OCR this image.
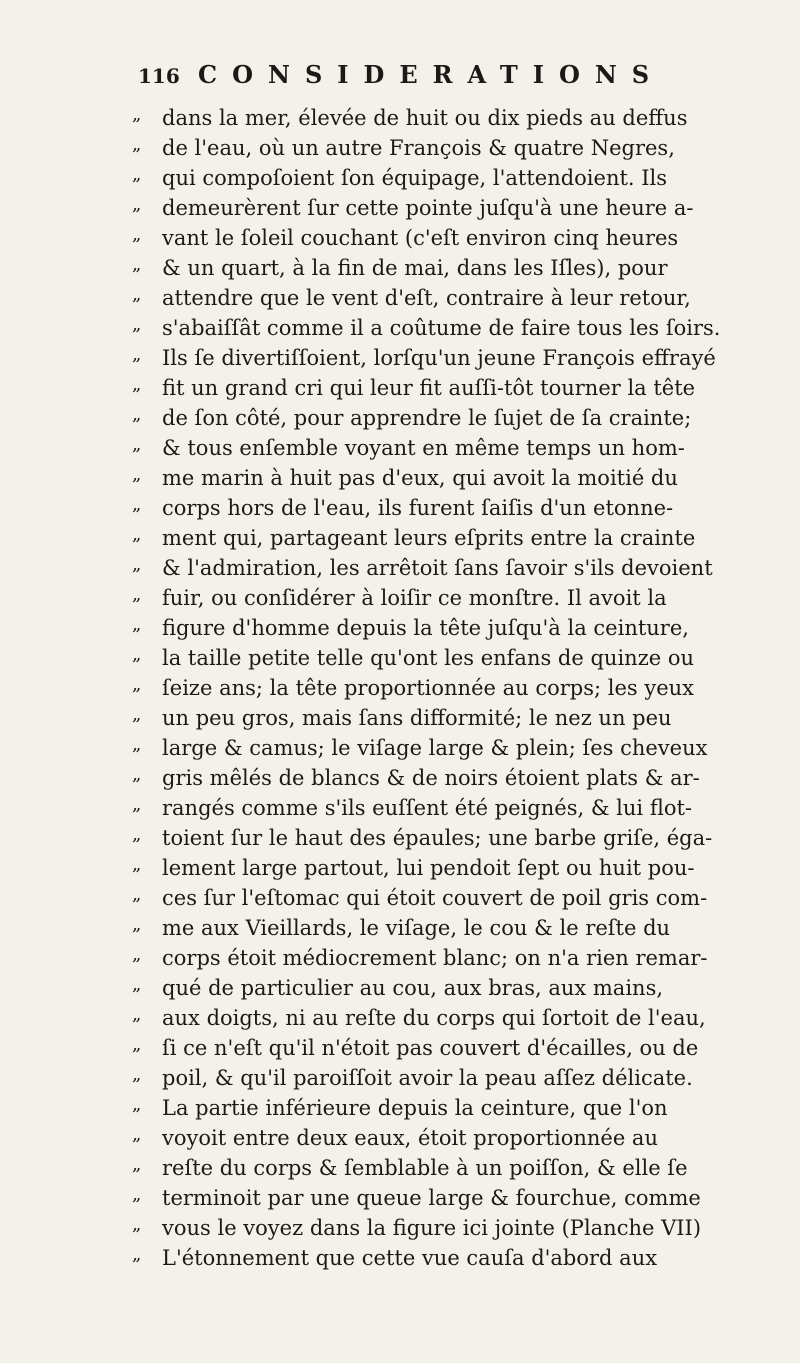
116 CONSIDERATIONS
„ dans la mer, élevée de huit ou dix pieds au deffus
„ de l'eau, où un autre François & quatre Negres,
„ qui compoſoient ſon équipage, l'attendoient. Ils
„ demeurèrent ſur cette pointe juſqu'à une heure a-
„ vant le ſoleil couchant (c'eſt environ cinq heures
„ & un quart, à la fin de mai, dans les Iſles), pour
„ attendre que le vent d'eſt, contraire à leur retour,
„ s'abaiſſât comme il a coûtume de faire tous les ſoirs.
„ Ils ſe divertiſſoient, lorſqu'un jeune François effrayé
„ fit un grand cri qui leur fit auſſi-tôt tourner la tête
„ de ſon côté, pour apprendre le ſujet de ſa crainte;
„ & tous enſemble voyant en même temps un hom-
„ me marin à huit pas d'eux, qui avoit la moitié du
„ corps hors de l'eau, ils furent ſaiſis d'un etonne-
„ ment qui, partageant leurs eſprits entre la crainte
„ & l'admiration, les arrêtoit ſans ſavoir s'ils devoient
„ fuir, ou conſidérer à loiſir ce monſtre. Il avoit la
„ figure d'homme depuis la tête juſqu'à la ceinture,
„ la taille petite telle qu'ont les enfans de quinze ou
„ ſeize ans; la tête proportionnée au corps; les yeux
„ un peu gros, mais ſans difformité; le nez un peu
„ large & camus; le viſage large & plein; ſes cheveux
„ gris mêlés de blancs & de noirs étoient plats & ar-
„ rangés comme s'ils euſſent été peignés, & lui flot-
„ toient ſur le haut des épaules; une barbe griſe, éga-
„ lement large partout, lui pendoit ſept ou huit pou-
„ ces ſur l'eſtomac qui étoit couvert de poil gris com-
„ me aux Vieillards, le viſage, le cou & le reſte du
„ corps étoit médiocrement blanc; on n'a rien remar-
„ qué de particulier au cou, aux bras, aux mains,
„ aux doigts, ni au reſte du corps qui ſortoit de l'eau,
„ ſi ce n'eſt qu'il n'étoit pas couvert d'écailles, ou de
„ poil, & qu'il paroiſſoit avoir la peau aſſez délicate.
„ La partie inférieure depuis la ceinture, que l'on
„ voyoit entre deux eaux, étoit proportionnée au
„ reſte du corps & ſemblable à un poiſſon, & elle ſe
„ terminoit par une queue large & fourchue, comme
„ vous le voyez dans la figure ici jointe (Planche VII)
„ L'étonnement que cette vue cauſa d'abord aux
